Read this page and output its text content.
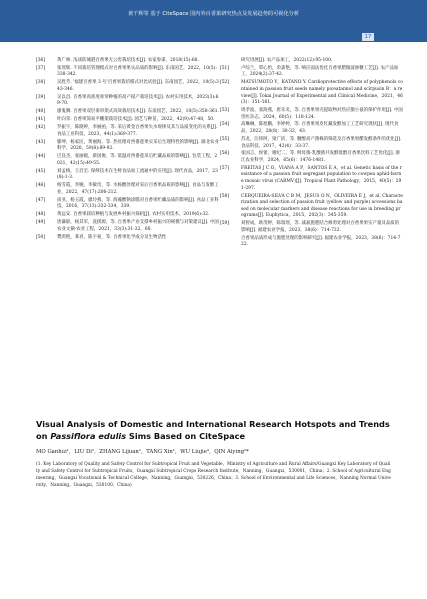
黄千辉等 基于 CiteSpace 国内外百香果研究热点及发展趋势的可视化分析
17
[36]	黄广林. 浅谈防城港百香果无公害栽培技术[J]. 农家参谋，2018(15):68.
[37]	张瑶辉. 不同栽培管理模式对百香果果实品质的影响[J]. 东南园艺，2022，10(5):338-342.
[38]	吴胜芳. '福建百香果 3 号'百香果栽培模式对比试验[J]. 东南园艺，2022，10(5):343-346.
[39]	吴以昌. 百香果高密度垂帘种植的高产稳产栽培技术[J]. 农村实用技术，2023(3):69-70.
[40]	廖鬼腾. 百香果双层垂帘架式高效栽培技术[J]. 东南园艺，2022，10(5):358-361.
[41]	叶向荣. 百香果简易平棚架栽培技术[J]. 园艺与种苗，2022，42(9):47-48，50.
[42]	罗振宇，陈晓婷，李丽函，等. 采后黄金百香果失水规律及其与品质变化的关系[J]. 食品工业科技，2023，44(1):369-377.
[43]	滕坤，杨家民，黄丽海，等. 热处理对西番莲果实采后生理特性的影响[J]. 湖北农业科学，2020，59(8):89-92.
[44]	巴良杰，张丽媛，蔡国俊，等. 低温对西番莲采后贮藏品质的影响[J]. 包装工程，2021，42(15):49-55.
[45]	刘孟梅，王启宏. 保鲜技术在生鲜食品加工流通中的应用[J]. 现代食品，2017，23(8):1-3.
[46]	杨雪霞，李婉，李敏奇，等. 水杨酸处理对采后百香果品质的影响[J]. 食品与发酵工业，2022，47(17):206-212.
[47]	尚亚，杨玉霞，廖玲燕，等. 海藻酸钠涂膜对百香果贮藏品质的影响[J]. 食品工业科技，2016，37(13):332-334，339.
[48]	黄远安. 百香果栽培种植与发展乡村振兴探析[J]. 农村实用技术，2019(6):32.
[49]	唐谦职，杨其军，冼援源，等. 百香果产业支撑乡村振兴的规模与对策建议[J]. 中国农业文摘-农业工程，2021，33(3):31-32，60.
[50]	樊鸿艳，莱君，陈宇豪，等. 百香果化学成分及生物活性
研究进展[J]. 农产品加工，2022(12):95-100.
[51]	卢综兰，覃心怡，余淼艳，等. 响应面法优化百香果腊微波渗糖工艺[J]. 农产品加工，2024(2):37-42.
[52]	MATSUMOTO Y，KATANO Y. Cardioprotective effects of polyphenols contained in passion fruit seeds namely piceatannol and scirpusin B：a review[J]. Tokai Journal of Experimental and Clinical Medicine，2021，46(3)：151-161.
[53]	周孝波，张海燕，唐未炎，等. 百香果果壳提取物对热应激小鼠的保护作用[J]. 中国兽医杂志，2024，60(5)：118-124.
[54]	高琳琳，陈旭鹏，李婷婷，等. 百香果果皮红藏发酵加工工艺研究现状[J]. 现代食品，2022，28(8)：30-32，43.
[55]	苏龙，汪炜阿，梁广滨，等. 糖醇高产菌株的筛选及百香果果醋发酵条件的优化[J]. 食品科技，2017，42(4)：33-37.
[56]	张国言，侯蕾，谢纪二，等. 鲜母菌-乳酸菌共发酵低醇百香果饮料工艺优化[J]. 浙江农业科学，2024，65(6)：1476-1481.
[57]	FREITAS J C O，VIANA A P，SANTOS E A，et al. Genetic basis of the resistance of a passion fruit segregant population to cowpea aphid-borne mosaic virus (CABMV)[J]. Tropical Plant Pathology，2015，40(5)：291-297.
[58]	CERQUEIRA-SILVA C B M，JESUS O N，OLIVEIRA E J，et al. Characterization and selection of passion fruit (yellow and purple) accessions based on molecular markers and disease reactions for use in breeding programs[J]. Euphytica，2015，202(3)：345-359.
[59]	刘智成，欧茂婷，陈瑞瑶，等. 减氮施肥结合修剪处理对百香果果实产量及品质的影响[J]. 福建农业学报，2023，38(6)：714-722.
百香果品质形成与施肥处理的影响研究[J]. 福建农业学报，2023，38(6)：714-722.
Visual Analysis of Domestic and International Research Hotspots and Trends on Passiflora edulis Sims Based on CiteSpace
MO Ganhui¹，LIU Di²，ZHANG Lijuan¹，TANG Xin¹，WU Liujie³，QIN Aiying²*
(1. Key Laboratory of Quality and Safety Control for Subtropical Fruit and Vegetable，Ministry of Agriculture and Rural Affairs/Guangxi Key Laboratory of Quality and Safety Control for Subtropical Fruits，Guangxi Subtropical Crops Research Institute，Nanning，Guangxi，530001，China；2. School of Agricultural Engineering，Guangxi Vocational & Technical College，Nanning，Guangxi，530226，China；3. School of Environmental and Life Sciences，Nanning Normal University，Nanning，Guangxi，530100，China)
